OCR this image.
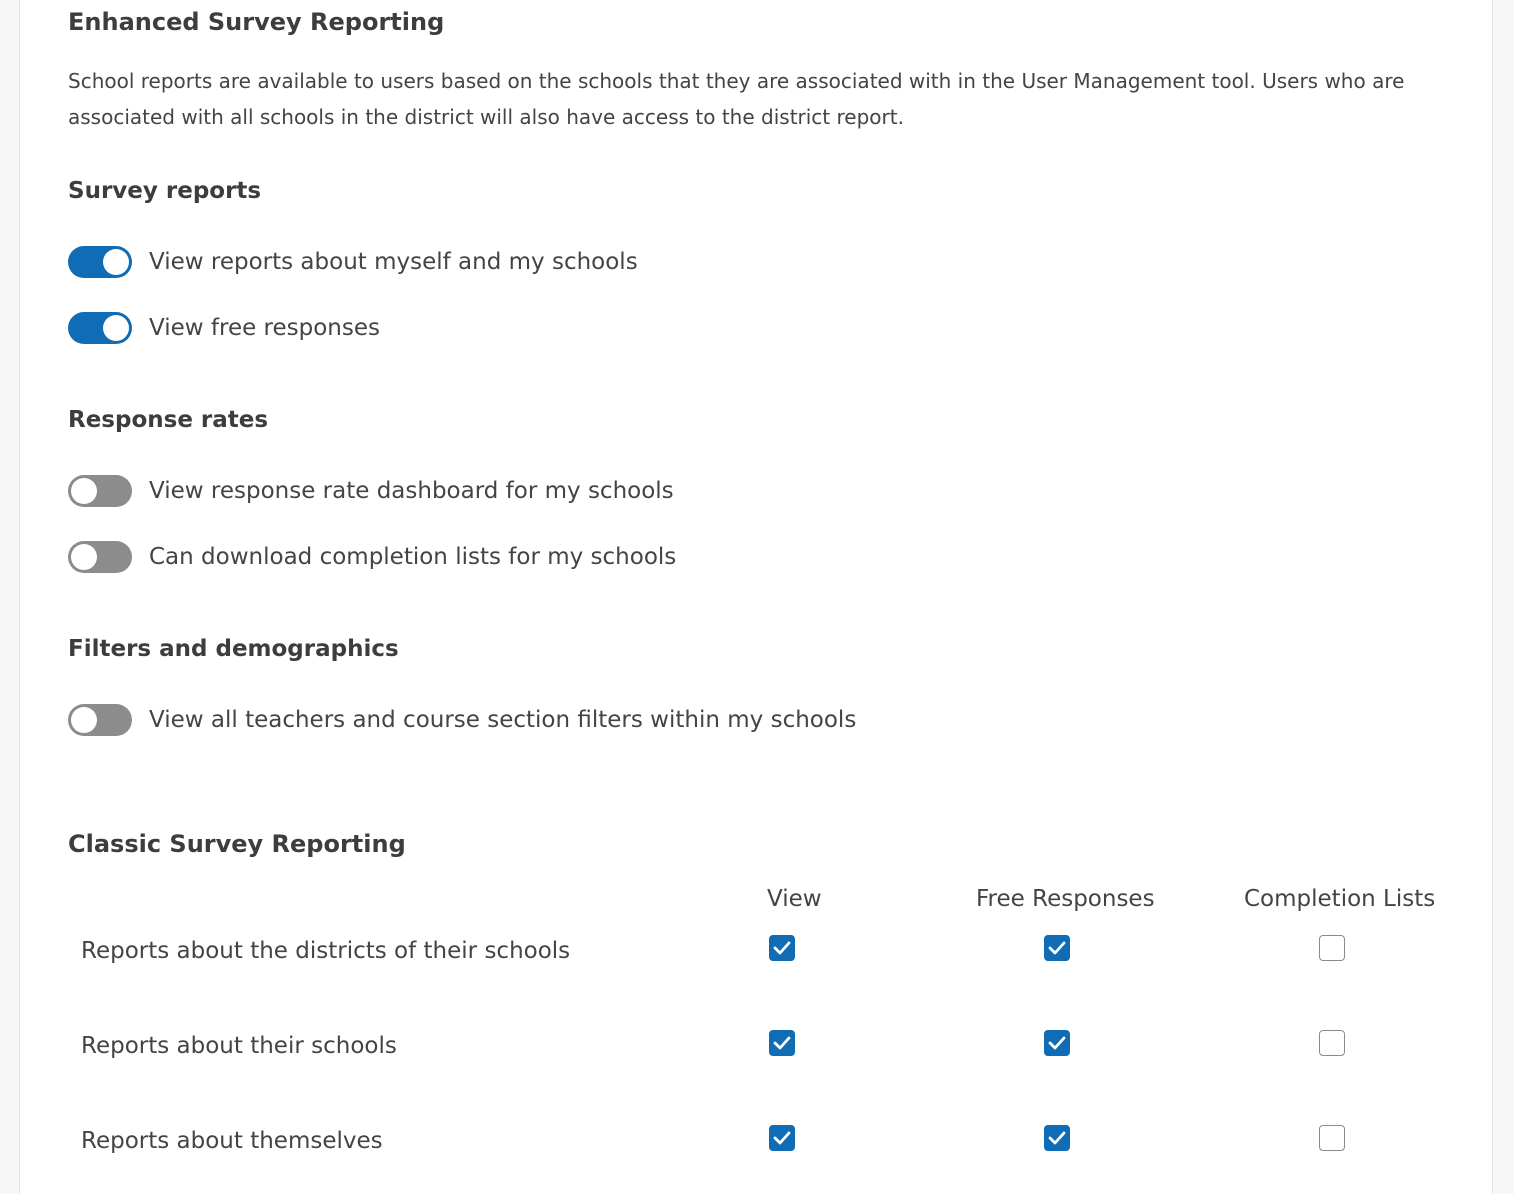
Enhanced Survey Reporting

School reports are available to users based on the schools that they are associated with in the User Management tool. Users who are associated with all schools in the district will also have access to the district report.

Survey reports
View reports about myself and my schools
View free responses
Response rates
View response rate dashboard for my schools
Can download completion lists for my schools
Filters and demographics
View all teachers and course section filters within my schools
Classic Survey Reporting
View	Free Responses	Completion Lists
Reports about the districts of their schools
Reports about their schools
Reports about themselves
